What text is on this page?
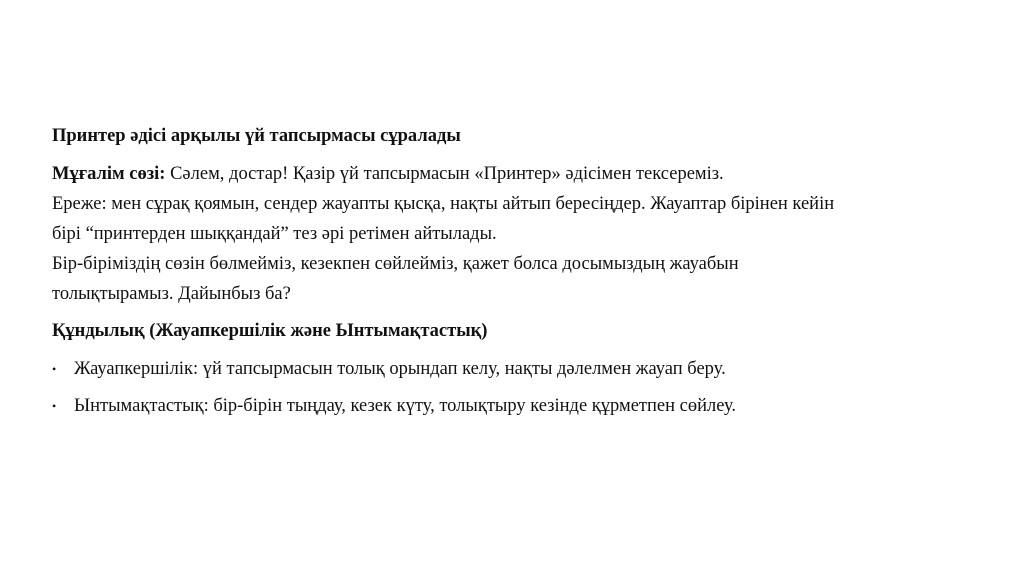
Принтер әдісі арқылы үй тапсырмасы сұралады
Мұғалім сөзі: Сәлем, достар! Қазір үй тапсырмасын «Принтер» әдісімен тексереміз.
Ереже: мен сұрақ қоямын, сендер жауапты қысқа, нақты айтып бересіңдер. Жауаптар бірінен кейін
бірі “принтерден шыққандай” тез әрі ретімен айтылады.
Бір-біріміздің сөзін бөлмейміз, кезекпен сөйлейміз, қажет болса досымыздың жауабын
толықтырамыз. Дайынбыз ба?
Құндылық (Жауапкершілік және Ынтымақтастық)
• Жауапкершілік: үй тапсырмасын толық орындап келу, нақты дәлелмен жауап беру.
• Ынтымақтастық: бір-бірін тыңдау, кезек күту, толықтыру кезінде құрметпен сөйлеу.
